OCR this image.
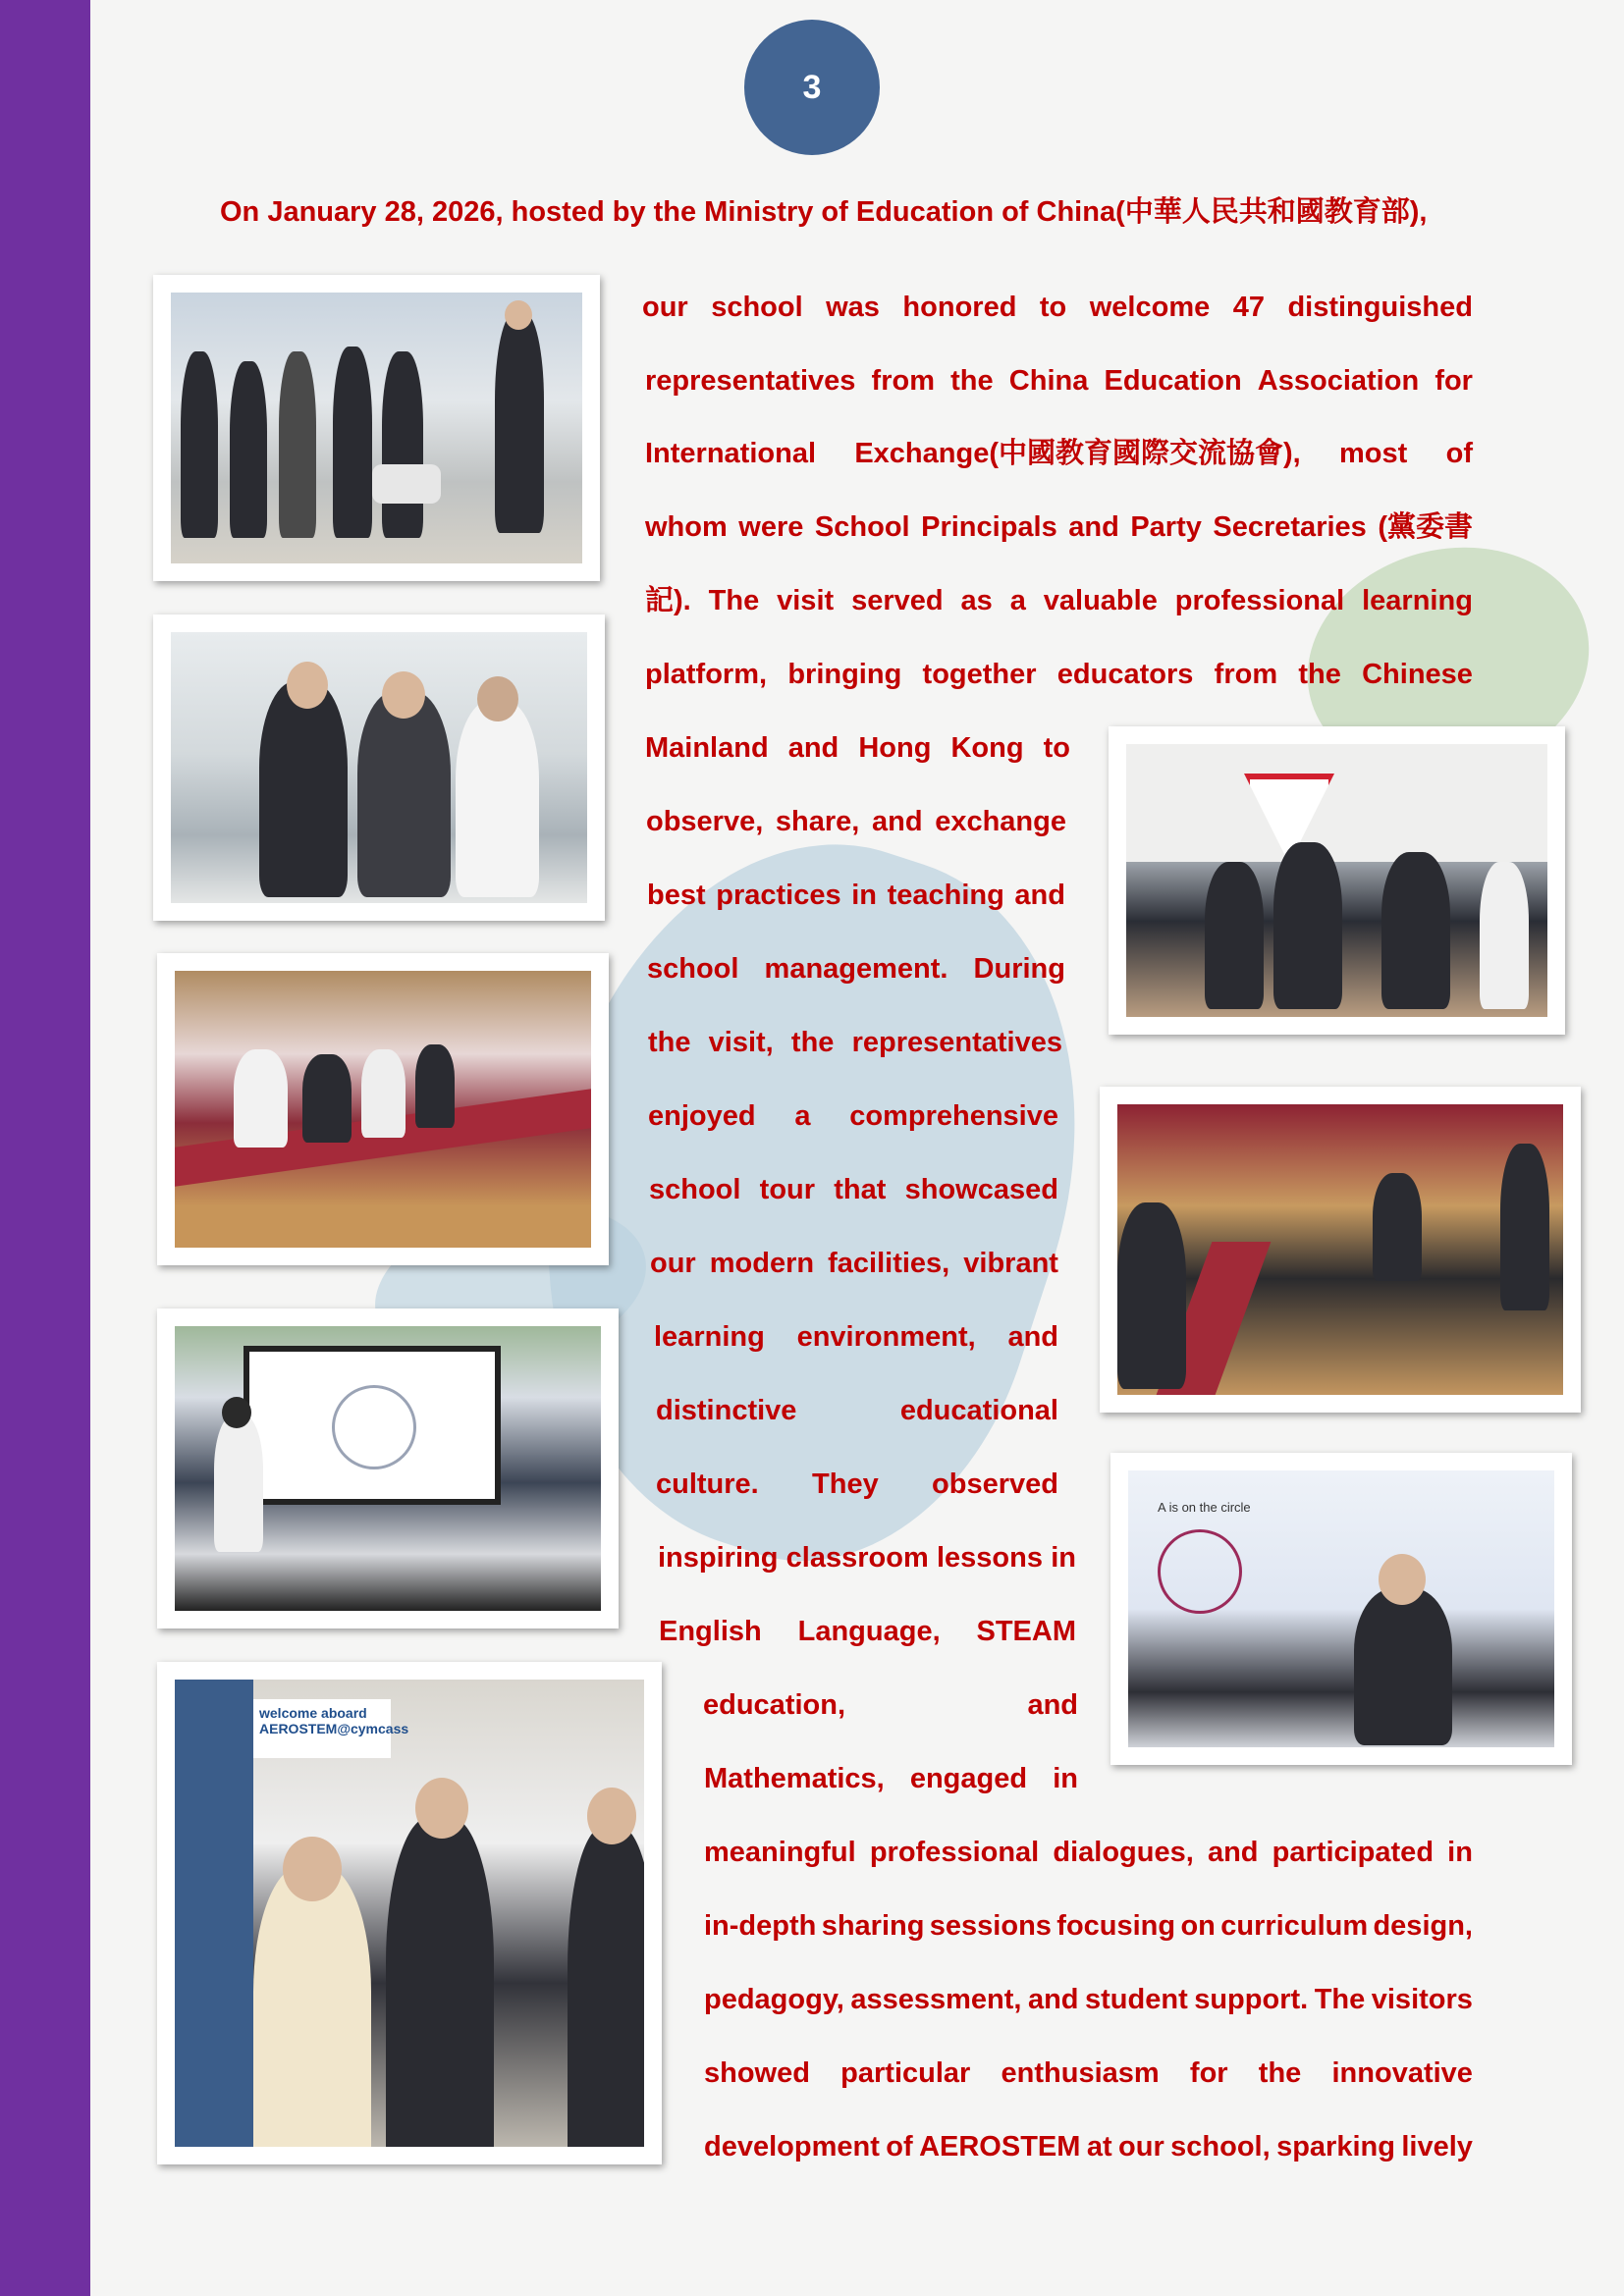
3
On January 28, 2026, hosted by the Ministry of Education of China(中華人民共和國教育部),
our school was honored to welcome 47 distinguished
representatives from the China Education Association for
International Exchange(中國教育國際交流協會), most of
whom were School Principals and Party Secretaries (黨委書
記). The visit served as a valuable professional learning
platform, bringing together educators from the Chinese
Mainland and Hong Kong to
observe, share, and exchange
best practices in teaching and
school management. During
the visit, the representatives
enjoyed a comprehensive
school tour that showcased
our modern facilities, vibrant
learning environment, and
distinctive	educational
culture. They observed
inspiring classroom lessons in
English Language, STEAM
education,	and
Mathematics, engaged in
meaningful professional dialogues, and participated in
in-depth sharing sessions focusing on curriculum design,
pedagogy, assessment, and student support. The visitors
showed particular enthusiasm for the innovative
development of AEROSTEM at our school, sparking lively
welcome aboard AEROSTEM@cymcass
A is on the circle
